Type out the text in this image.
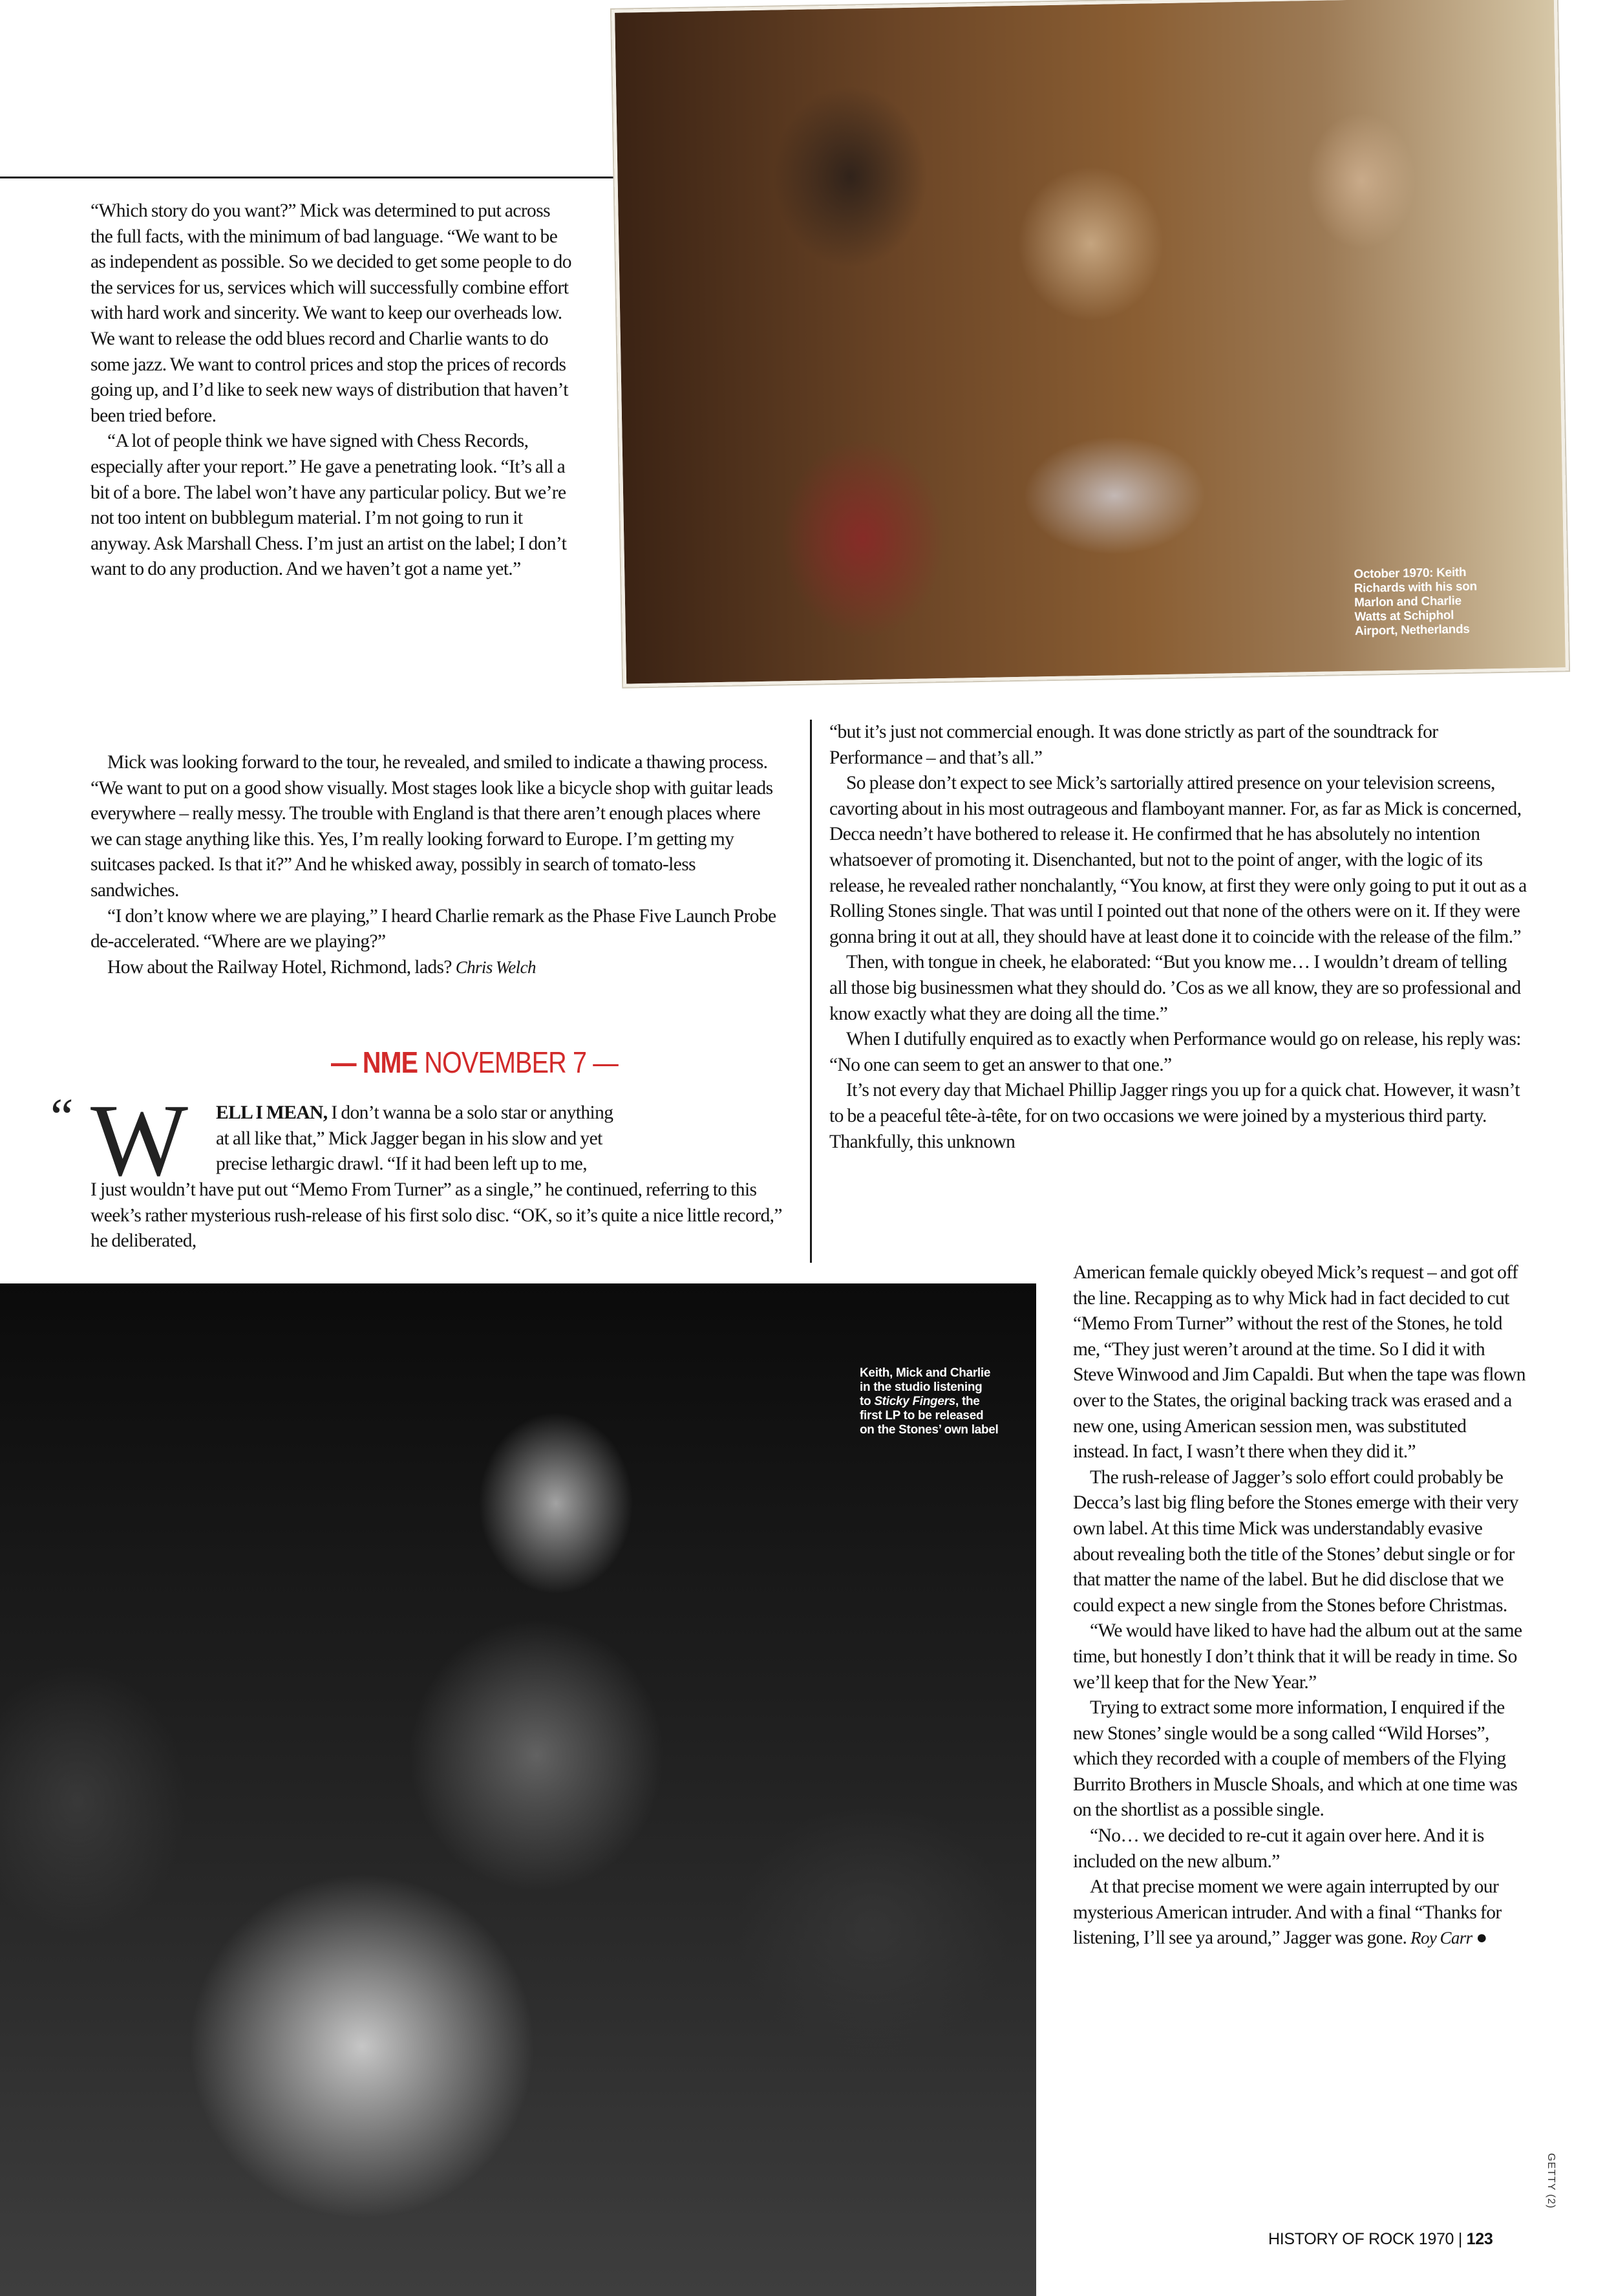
October 1970: Keith
Richards with his son
Marlon and Charlie
Watts at Schiphol
Airport, Netherlands

“Which story do you want?” Mick was determined to put across the full facts, with the minimum of bad language. “We want to be as independent as possible. So we decided to get some people to do the services for us, services which will successfully combine effort with hard work and sincerity. We want to keep our overheads low. We want to release the odd blues record and Charlie wants to do some jazz. We want to control prices and stop the prices of records going up, and I’d like to seek new ways of distribution that haven’t been tried before.

“A lot of people think we have signed with Chess Records, especially after your report.” He gave a penetrating look. “It’s all a bit of a bore. The label won’t have any particular policy. But we’re not too intent on bubblegum material. I’m not going to run it anyway. Ask Marshall Chess. I’m just an artist on the label; I don’t want to do any production. And we haven’t got a name yet.”

Mick was looking forward to the tour, he revealed, and smiled to indicate a thawing process. “We want to put on a good show visually. Most stages look like a bicycle shop with guitar leads everywhere – really messy. The trouble with England is that there aren’t enough places where we can stage anything like this. Yes, I’m really looking forward to Europe. I’m getting my suitcases packed. Is that it?” And he whisked away, possibly in search of tomato-less sandwiches.

“I don’t know where we are playing,” I heard Charlie remark as the Phase Five Launch Probe de-accelerated. “Where are we playing?”

How about the Railway Hotel, Richmond, lads? Chris Welch

— NME NOVEMBER 7 —
“ W ELL I MEAN, I don’t wanna be a solo star or anything

at all like that,” Mick Jagger began in his slow and yet

precise lethargic drawl. “If it had been left up to me,

I just wouldn’t have put out “Memo From Turner” as a single,” he continued, referring to this week’s rather mysterious rush-release of his first solo disc. “OK, so it’s quite a nice little record,” he deliberated,

“but it’s just not commercial enough. It was done strictly as part of the soundtrack for Performance – and that’s all.”

So please don’t expect to see Mick’s sartorially attired presence on your television screens, cavorting about in his most outrageous and flamboyant manner. For, as far as Mick is concerned, Decca needn’t have bothered to release it. He confirmed that he has absolutely no intention whatsoever of promoting it. Disenchanted, but not to the point of anger, with the logic of its release, he revealed rather nonchalantly, “You know, at first they were only going to put it out as a Rolling Stones single. That was until I pointed out that none of the others were on it. If they were gonna bring it out at all, they should have at least done it to coincide with the release of the film.”

Then, with tongue in cheek, he elaborated: “But you know me… I wouldn’t dream of telling all those big businessmen what they should do. ’Cos as we all know, they are so professional and know exactly what they are doing all the time.”

When I dutifully enquired as to exactly when Performance would go on release, his reply was: “No one can seem to get an answer to that one.”

It’s not every day that Michael Phillip Jagger rings you up for a quick chat. However, it wasn’t to be a peaceful tête-à-tête, for on two occasions we were joined by a mysterious third party. Thankfully, this unknown

Keith, Mick and Charlie
in the studio listening
to Sticky Fingers, the
first LP to be released
on the Stones’ own label

American female quickly obeyed Mick’s request – and got off the line. Recapping as to why Mick had in fact decided to cut “Memo From Turner” without the rest of the Stones, he told me, “They just weren’t around at the time. So I did it with Steve Winwood and Jim Capaldi. But when the tape was flown over to the States, the original backing track was erased and a new one, using American session men, was substituted instead. In fact, I wasn’t there when they did it.”

The rush-release of Jagger’s solo effort could probably be Decca’s last big fling before the Stones emerge with their very own label. At this time Mick was understandably evasive about revealing both the title of the Stones’ debut single or for that matter the name of the label. But he did disclose that we could expect a new single from the Stones before Christmas.

“We would have liked to have had the album out at the same time, but honestly I don’t think that it will be ready in time. So we’ll keep that for the New Year.”

Trying to extract some more information, I enquired if the new Stones’ single would be a song called “Wild Horses”, which they recorded with a couple of members of the Flying Burrito Brothers in Muscle Shoals, and which at one time was on the shortlist as a possible single.

“No… we decided to re-cut it again over here. And it is included on the new album.”

At that precise moment we were again interrupted by our mysterious American intruder. And with a final “Thanks for listening, I’ll see ya around,” Jagger was gone. Roy Carr ●

GETTY (2)
HISTORY OF ROCK 1970 | 123
